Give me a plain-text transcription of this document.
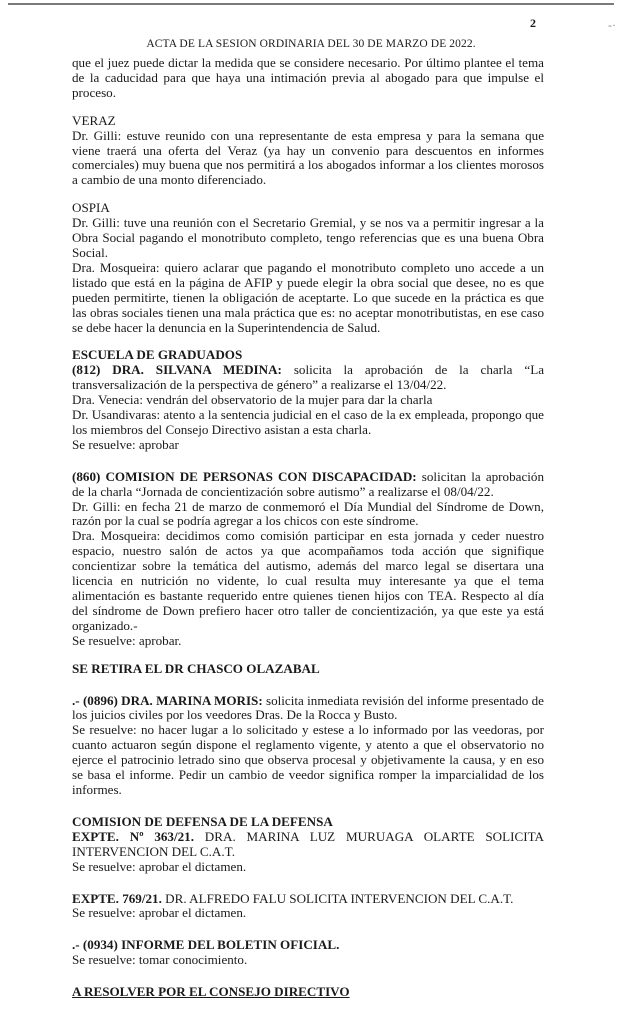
2	-·
ACTA DE LA SESION ORDINARIA DEL 30 DE MARZO DE 2022.

que el juez puede dictar la medida que se considere necesario. Por último plantee el tema de la caducidad para que haya una intimación previa al abogado para que impulse el proceso.

VERAZ

Dr. Gilli: estuve reunido con una representante de esta empresa y para la semana que viene traerá una oferta del Veraz (ya hay un convenio para descuentos en informes comerciales) muy buena que nos permitirá a los abogados informar a los clientes morosos a cambio de una monto diferenciado.

OSPIA

Dr. Gilli: tuve una reunión con el Secretario Gremial, y se nos va a permitir ingresar a la Obra Social pagando el monotributo completo, tengo referencias que es una buena Obra Social.

Dra. Mosqueira: quiero aclarar que pagando el monotributo completo uno accede a un listado que está en la página de AFIP y puede elegir la obra social que desee, no es que pueden permitirte, tienen la obligación de aceptarte. Lo que sucede en la práctica es que las obras sociales tienen una mala práctica que es: no aceptar monotributistas, en ese caso se debe hacer la denuncia en la Superintendencia de Salud.

ESCUELA DE GRADUADOS

(812) DRA. SILVANA MEDINA: solicita la aprobación de la charla “La transversalización de la perspectiva de género” a realizarse el 13/04/22.

Dra. Venecia: vendrán del observatorio de la mujer para dar la charla

Dr. Usandivaras: atento a la sentencia judicial en el caso de la ex empleada, propongo que los miembros del Consejo Directivo asistan a esta charla.

Se resuelve: aprobar

(860) COMISION DE PERSONAS CON DISCAPACIDAD: solicitan la aprobación de la charla “Jornada de concientización sobre autismo” a realizarse el 08/04/22.

Dr. Gilli: en fecha 21 de marzo de conmemoró el Día Mundial del Síndrome de Down, razón por la cual se podría agregar a los chicos con este síndrome.

Dra. Mosqueira: decidimos como comisión participar en esta jornada y ceder nuestro espacio, nuestro salón de actos ya que acompañamos toda acción que signifique concientizar sobre la temática del autismo, además del marco legal se disertara una licencia en nutrición no vidente, lo cual resulta muy interesante ya que el tema alimentación es bastante requerido entre quienes tienen hijos con TEA. Respecto al día del síndrome de Down prefiero hacer otro taller de concientización, ya que este ya está organizado.-

Se resuelve: aprobar.

SE RETIRA EL DR CHASCO OLAZABAL

.- (0896) DRA. MARINA MORIS: solicita inmediata revisión del informe presentado de los juicios civiles por los veedores Dras. De la Rocca y Busto.

Se resuelve: no hacer lugar a lo solicitado y estese a lo informado por las veedoras, por cuanto actuaron según dispone el reglamento vigente, y atento a que el observatorio no ejerce el patrocinio letrado sino que observa procesal y objetivamente la causa, y en eso se basa el informe. Pedir un cambio de veedor significa romper la imparcialidad de los informes.

COMISION DE DEFENSA DE LA DEFENSA

EXPTE. Nº 363/21. DRA. MARINA LUZ MURUAGA OLARTE SOLICITA INTERVENCION DEL C.A.T.

Se resuelve: aprobar el dictamen.

EXPTE. 769/21. DR. ALFREDO FALU SOLICITA INTERVENCION DEL C.A.T.

Se resuelve: aprobar el dictamen.

.- (0934) INFORME DEL BOLETIN OFICIAL.

Se resuelve: tomar conocimiento.

A RESOLVER POR EL CONSEJO DIRECTIVO
